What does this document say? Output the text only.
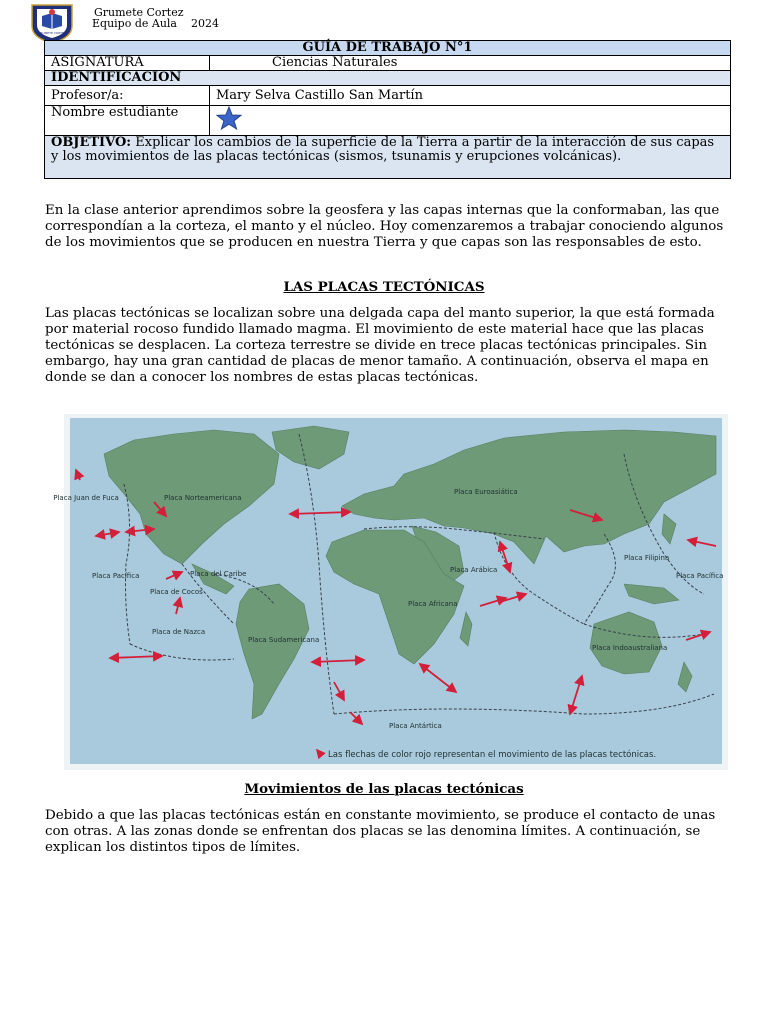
GRUMETE CORTEZ
Grumete Cortez
Equipo de Aula    2024
GUÍA DE TRABAJO N°1	
ASIGNATURA	Ciencias Naturales
IDENTIFICACION	
Profesor/a:	Mary Selva Castillo San Martín
Nombre estudiante	

OBJETIVO: Explicar los cambios de la superficie de la Tierra a partir de la interacción de sus capas y los movimientos de las placas tectónicas (sismos, tsunamis y erupciones volcánicas).	

En la clase anterior aprendimos sobre la geosfera y las capas internas que la conformaban, las que correspondían a la corteza, el manto y el núcleo. Hoy comenzaremos a trabajar conociendo algunos de los movimientos que se producen en nuestra Tierra y que capas son las responsables de esto.

LAS PLACAS TECTÓNICAS

Las placas tectónicas se localizan sobre una delgada capa del manto superior, la que está formada por material rocoso fundido llamado magma. El movimiento de este material hace que las placas tectónicas se desplacen. La corteza terrestre se divide en trece placas tectónicas principales. Sin embargo, hay una gran cantidad de placas de menor tamaño. A continuación, observa el mapa en donde se dan a conocer los nombres de estas placas tectónicas.

Placa Juan de Fuca	Placa Norteamericana
Placa Euroasiática
Placa Pacífica	Placa del Caribe
Placa de Cocos
Placa Arábica
Placa Filipina
Placa Pacífica
Placa Africana
Placa de Nazca
Placa Sudamericana
Placa Indoaustraliana
Placa Antártica
Las flechas de color rojo representan el movimiento de las placas tectónicas.

Movimientos de las placas tectónicas

Debido a que las placas tectónicas están en constante movimiento, se produce el contacto de unas con otras. A las zonas donde se enfrentan dos placas se las denomina límites. A continuación, se explican los distintos tipos de límites.
